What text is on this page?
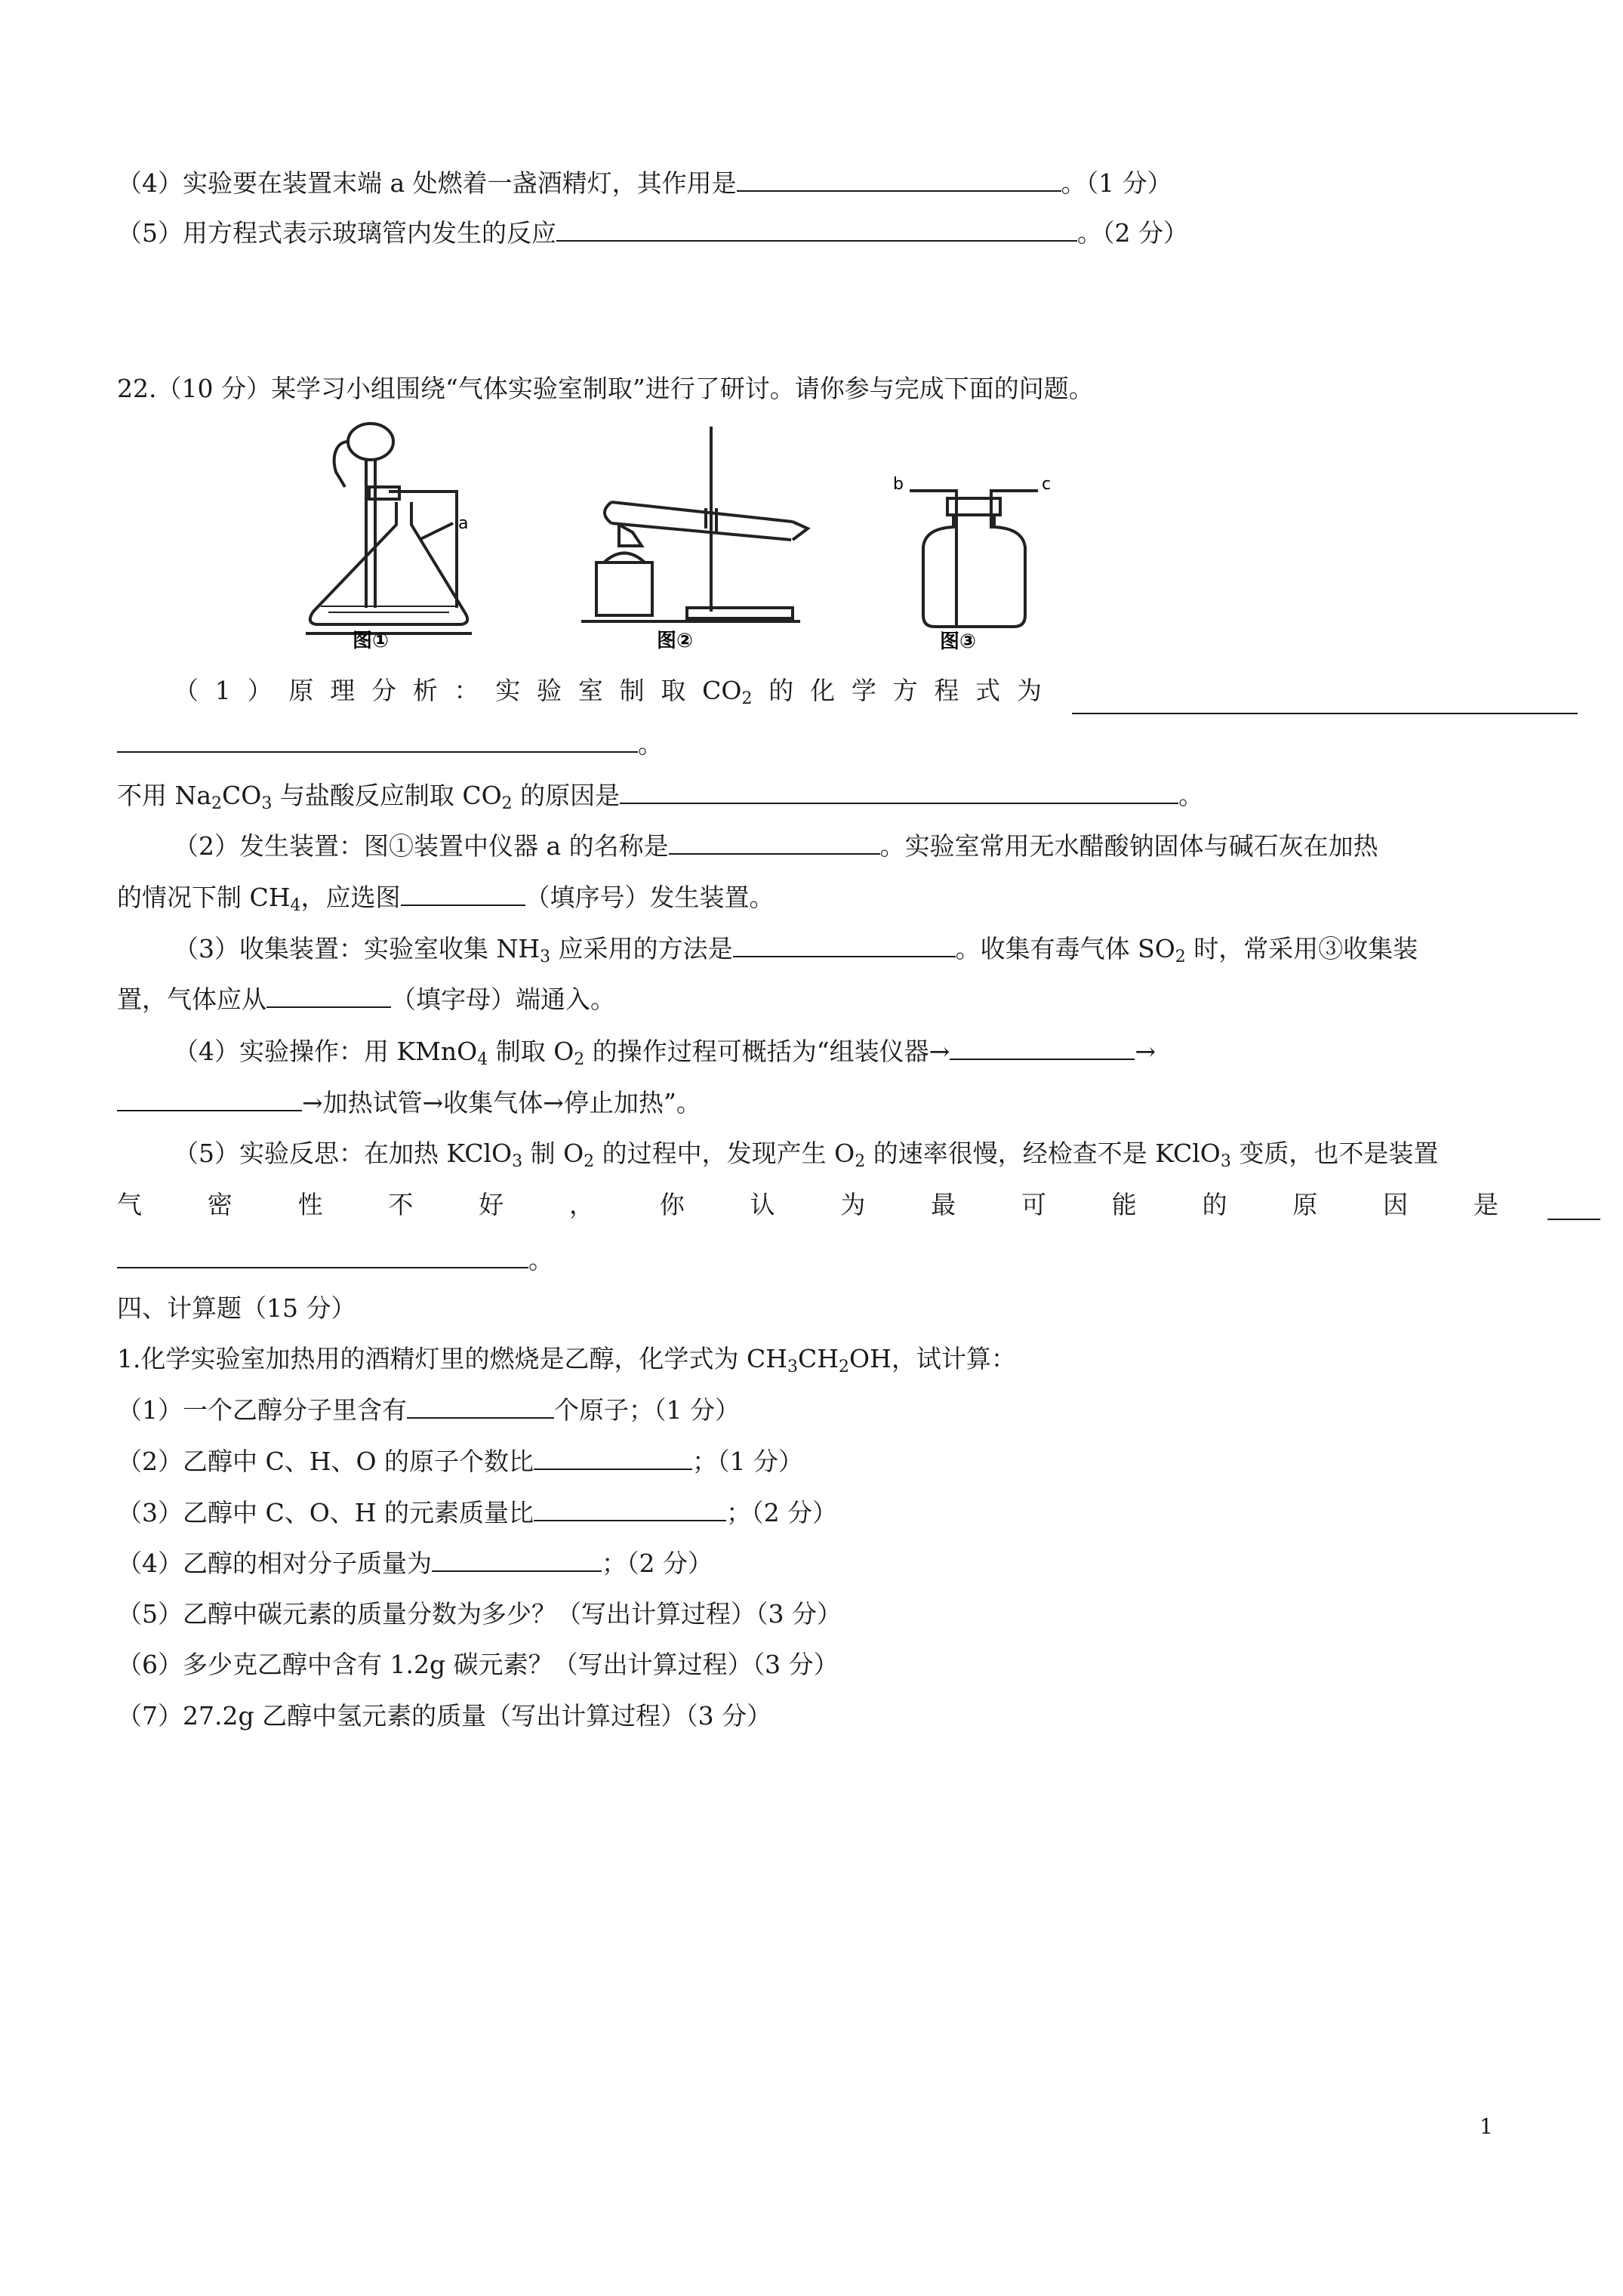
（4）实验要在装置末端 a 处燃着一盏酒精灯，其作用是	。（1 分）
（5）用方程式表示玻璃管内发生的反应	。（2 分）
22.（10 分）某学习小组围绕“气体实验室制取”进行了研讨。请你参与完成下面的问题。
a
图①	图②
b	c
图③
（ 1 ） 原 理 分 析 ： 实 验 室 制 取 $CO_2$ 的 化 学 方 程 式 为
。
不用 $Na_2CO_3$ 与盐酸反应制取 $CO_2$ 的原因是	。
（2）发生装置：图①装置中仪器 a 的名称是	。实验室常用无水醋酸钠固体与碱石灰在加热
的情况下制 $CH_4$，应选图	（填序号）发生装置。
（3）收集装置：实验室收集 $NH_3$ 应采用的方法是	。收集有毒气体 $SO_2$ 时，常采用③收集装
置，气体应从	（填字母）端通入。
（4）实验操作：用 KMnO$_4$ 制取 $O_2$ 的操作过程可概括为“组装仪器→	→
→加热试管→收集气体→停止加热”。
（5）实验反思：在加热 KClO$_3$ 制 $O_2$ 的过程中，发现产生 $O_2$ 的速率很慢，经检查不是 KClO$_3$ 变质，也不是装置
气	密	性	不	好	，	你	认	为	最	可	能	的	原	因	是
。
四、计算题（15 分）
1.化学实验室加热用的酒精灯里的燃烧是乙醇，化学式为 $CH_3CH_2OH$，试计算：
（1）一个乙醇分子里含有	个原子；（1 分）
（2）乙醇中 C、H、O 的原子个数比	；（1 分）
（3）乙醇中 C、O、H 的元素质量比	；（2 分）
（4）乙醇的相对分子质量为	；（2 分）
（5）乙醇中碳元素的质量分数为多少？（写出计算过程）（3 分）
（6）多少克乙醇中含有 1.2g 碳元素？（写出计算过程）（3 分）
（7）27.2g 乙醇中氢元素的质量（写出计算过程）（3 分）
1
